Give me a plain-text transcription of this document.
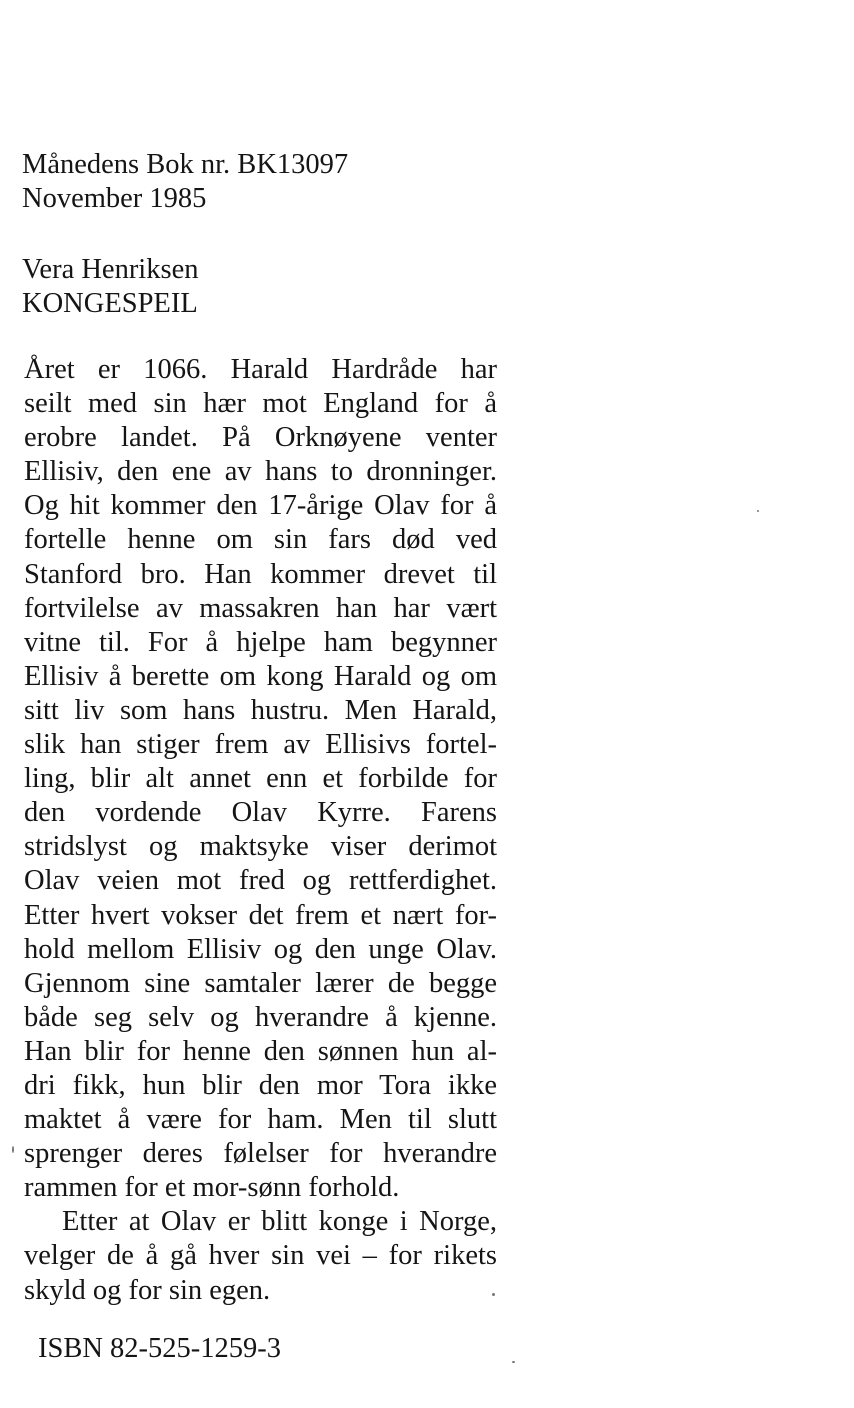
Månedens Bok nr. BK13097
November 1985
Vera Henriksen
KONGESPEIL
Året er 1066. Harald Hardråde har
seilt med sin hær mot England for å
erobre landet. På Orknøyene venter
Ellisiv, den ene av hans to dronninger.
Og hit kommer den 17-årige Olav for å
fortelle henne om sin fars død ved
Stanford bro. Han kommer drevet til
fortvilelse av massakren han har vært
vitne til. For å hjelpe ham begynner
Ellisiv å berette om kong Harald og om
sitt liv som hans hustru. Men Harald,
slik han stiger frem av Ellisivs fortel-
ling, blir alt annet enn et forbilde for
den vordende Olav Kyrre. Farens
stridslyst og maktsyke viser derimot
Olav veien mot fred og rettferdighet.
Etter hvert vokser det frem et nært for-
hold mellom Ellisiv og den unge Olav.
Gjennom sine samtaler lærer de begge
både seg selv og hverandre å kjenne.
Han blir for henne den sønnen hun al-
dri fikk, hun blir den mor Tora ikke
maktet å være for ham. Men til slutt
sprenger deres følelser for hverandre
rammen for et mor-sønn forhold.
Etter at Olav er blitt konge i Norge,
velger de å gå hver sin vei – for rikets
skyld og for sin egen.
ISBN 82-525-1259-3
